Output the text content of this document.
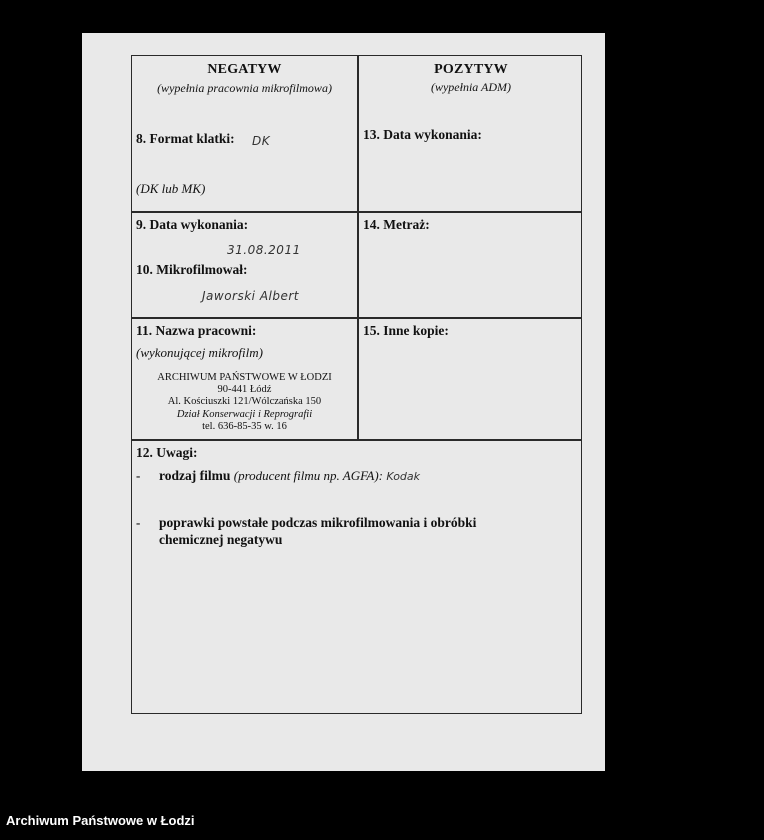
NEGATYW
(wypełnia pracownia mikrofilmowa)
8. Format klatki: DK
(DK lub MK)
9. Data wykonania:
31.08.2011
10. Mikrofilmował:
Jaworski Albert
11. Nazwa pracowni:
(wykonującej mikrofilm)
ARCHIWUM PAŃSTWOWE W ŁODZI
90-441 Łódź
Al. Kościuszki 121/Wólczańska 150
Dział Konserwacji i Reprografii
tel. 636-85-35 w. 16
POZYTYW
(wypełnia ADM)
13. Data wykonania:
14. Metraż:
15. Inne kopie:
12. Uwagi:
- rodzaj filmu (producent filmu np. AGFA): Kodak
- poprawki powstałe podczas mikrofilmowania i obróbki
chemicznej negatywu
Archiwum Państwowe w Łodzi
